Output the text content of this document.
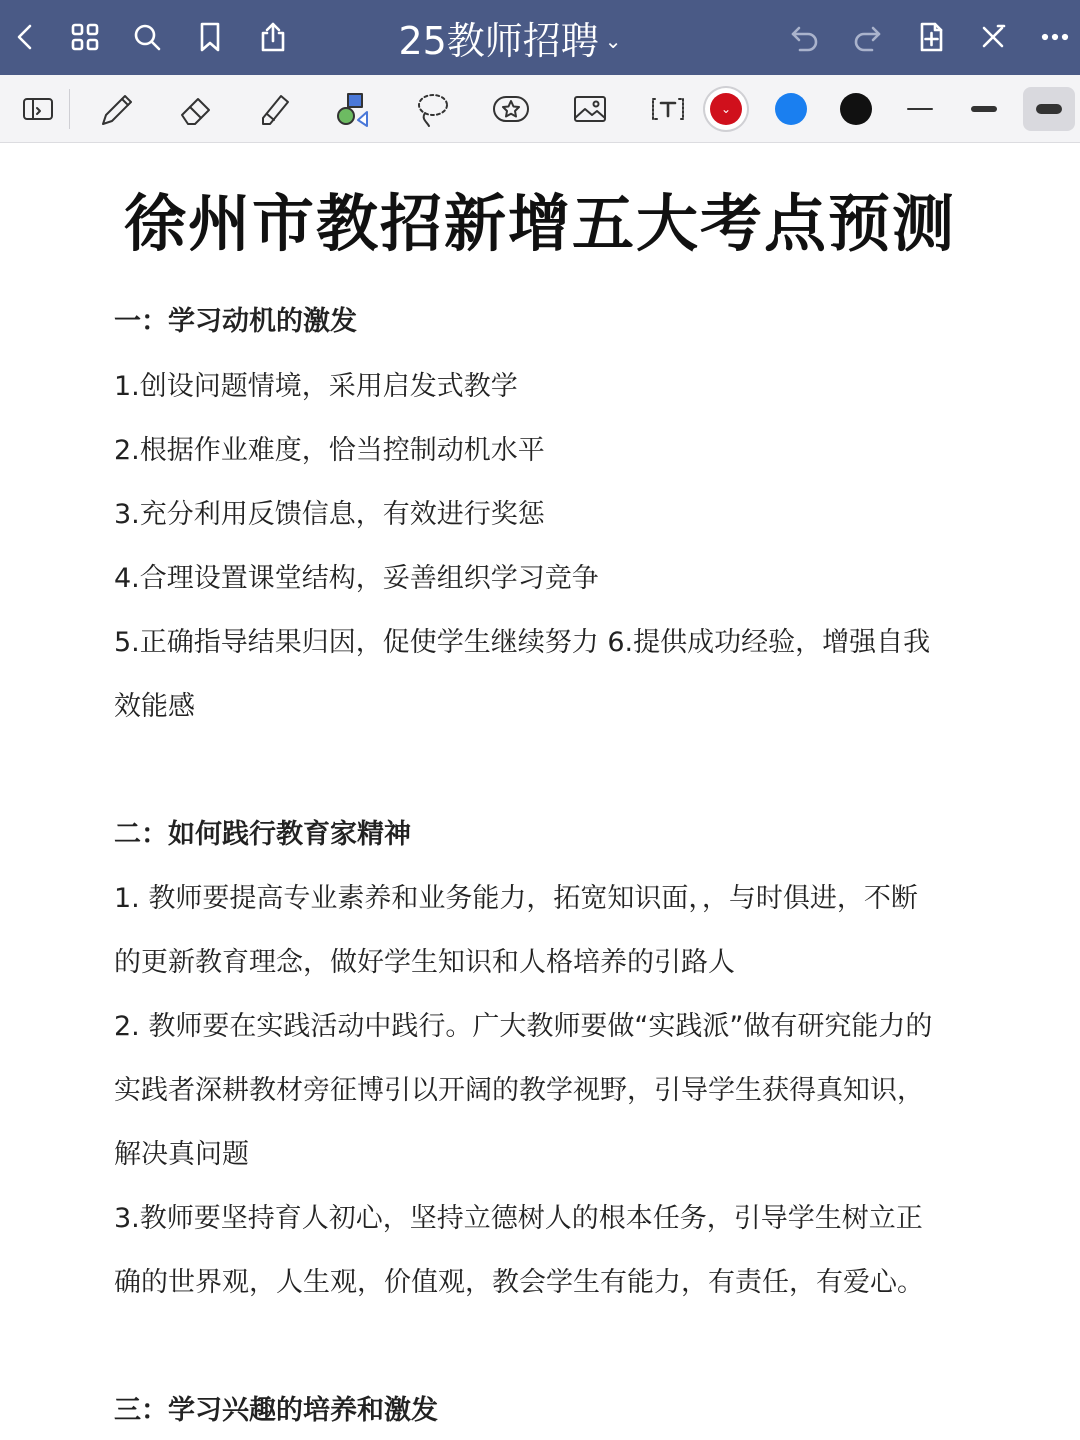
25教师招聘 ⌄
⌄
徐州市教招新增五大考点预测
一：学习动机的激发
1.创设问题情境，采用启发式教学
2.根据作业难度，恰当控制动机水平
3.充分利用反馈信息，有效进行奖惩
4.合理设置课堂结构，妥善组织学习竞争
5.正确指导结果归因，促使学生继续努力 6.提供成功经验，增强自我
效能感
二：如何践行教育家精神
1. 教师要提高专业素养和业务能力，拓宽知识面，，与时俱进，不断
的更新教育理念，做好学生知识和人格培养的引路人
2. 教师要在实践活动中践行。广大教师要做“实践派”做有研究能力的
实践者深耕教材旁征博引以开阔的教学视野，引导学生获得真知识，
解决真问题
3.教师要坚持育人初心，坚持立德树人的根本任务，引导学生树立正
确的世界观，人生观，价值观，教会学生有能力，有责任，有爱心。
三：学习兴趣的培养和激发
